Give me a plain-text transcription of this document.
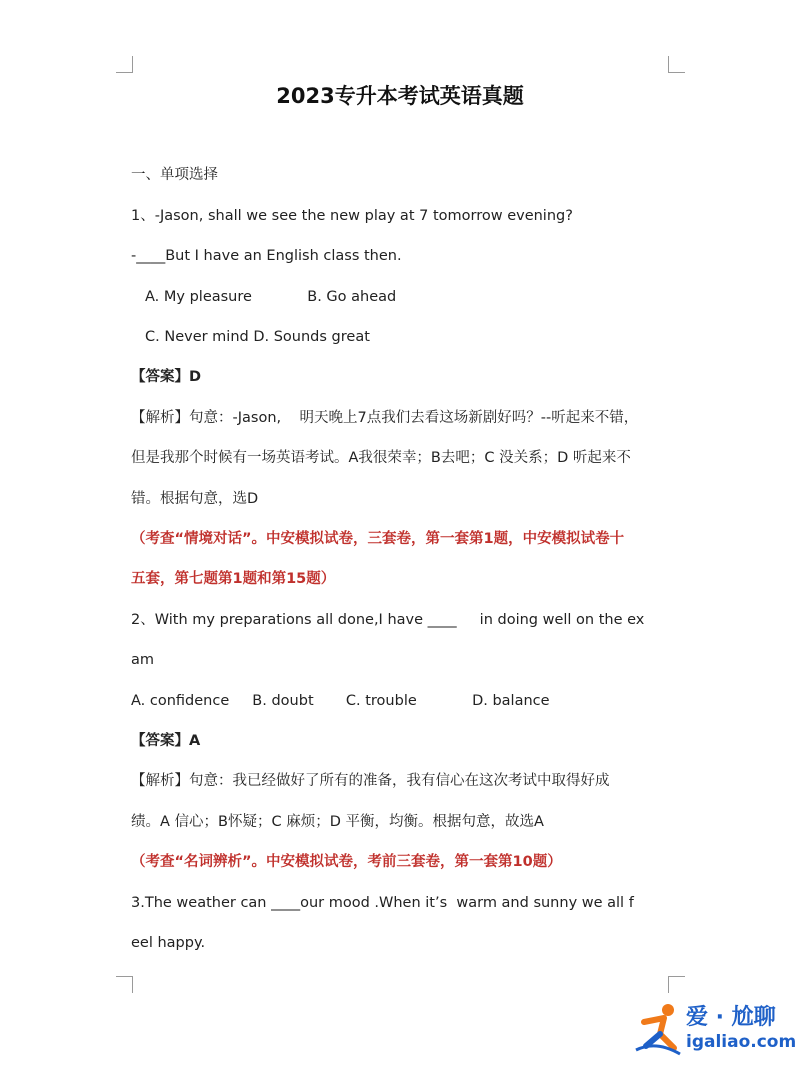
2023专升本考试英语真题
一、单项选择
1、-Jason, shall we see the new play at 7 tomorrow evening?
-____But I have an English class then.
A. My pleasure            B. Go ahead
C. Never mind D. Sounds great
【答案】D
【解析】句意：-Jason,    明天晚上7点我们去看这场新剧好吗？--听起来不错，
但是我那个时候有一场英语考试。A我很荣幸；B去吧；C 没关系；D 听起来不
错。根据句意，选D
（考查“情境对话”。中安模拟试卷，三套卷，第一套第1题，中安模拟试卷十
五套，第七题第1题和第15题）
2、With my preparations all done,I have ____     in doing well on the ex
am
A. confidence     B. doubt       C. trouble            D. balance
【答案】A
【解析】句意：我已经做好了所有的准备，我有信心在这次考试中取得好成
绩。A 信心；B怀疑；C 麻烦；D 平衡，均衡。根据句意，故选A
（考查“名词辨析”。中安模拟试卷，考前三套卷，第一套第10题）
3.The weather can ____our mood .When it’s  warm and sunny we all f
eel happy.
爱 · 尬聊
igaliao.com
